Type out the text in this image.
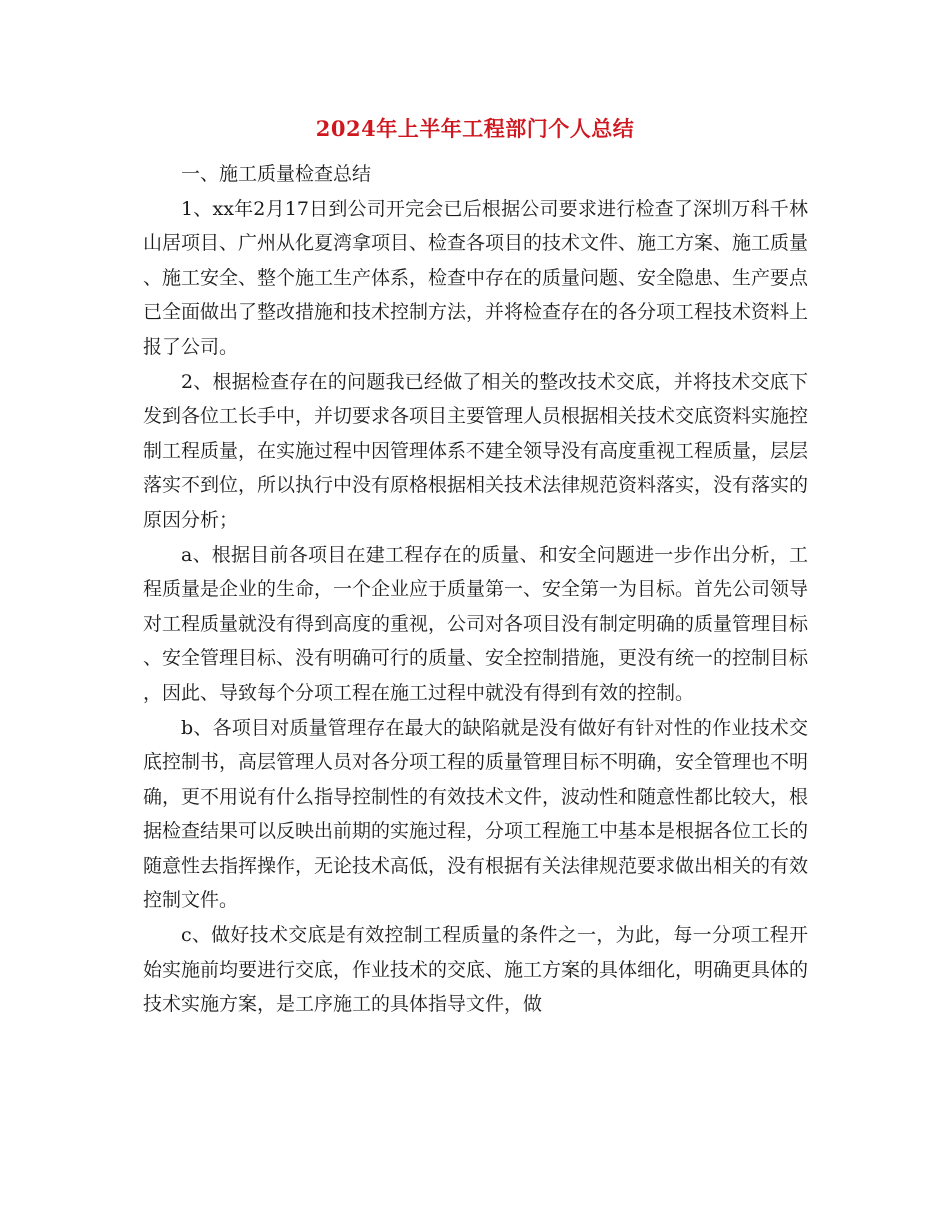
2024年上半年工程部门个人总结

一、施工质量检查总结

1、xx年2月17日到公司开完会已后根据公司要求进行检查了深圳万科千林山居项目、广州从化夏湾拿项目、检查各项目的技术文件、施工方案、施工质量、施工安全、整个施工生产体系，检查中存在的质量问题、安全隐患、生产要点已全面做出了整改措施和技术控制方法，并将检查存在的各分项工程技术资料上报了公司。

2、根据检查存在的问题我已经做了相关的整改技术交底，并将技术交底下发到各位工长手中，并切要求各项目主要管理人员根据相关技术交底资料实施控制工程质量，在实施过程中因管理体系不建全领导没有高度重视工程质量，层层落实不到位，所以执行中没有原格根据相关技术法律规范资料落实，没有落实的原因分析；

a、根据目前各项目在建工程存在的质量、和安全问题进一步作出分析，工程质量是企业的生命，一个企业应于质量第一、安全第一为目标。首先公司领导对工程质量就没有得到高度的重视，公司对各项目没有制定明确的质量管理目标、安全管理目标、没有明确可行的质量、安全控制措施，更没有统一的控制目标，因此、导致每个分项工程在施工过程中就没有得到有效的控制。

b、各项目对质量管理存在最大的缺陷就是没有做好有针对性的作业技术交底控制书，高层管理人员对各分项工程的质量管理目标不明确，安全管理也不明确，更不用说有什么指导控制性的有效技术文件，波动性和随意性都比较大，根据检查结果可以反映出前期的实施过程，分项工程施工中基本是根据各位工长的随意性去指挥操作，无论技术高低，没有根据有关法律规范要求做出相关的有效控制文件。

c、做好技术交底是有效控制工程质量的条件之一，为此，每一分项工程开始实施前均要进行交底，作业技术的交底、施工方案的具体细化，明确更具体的技术实施方案，是工序施工的具体指导文件，做
